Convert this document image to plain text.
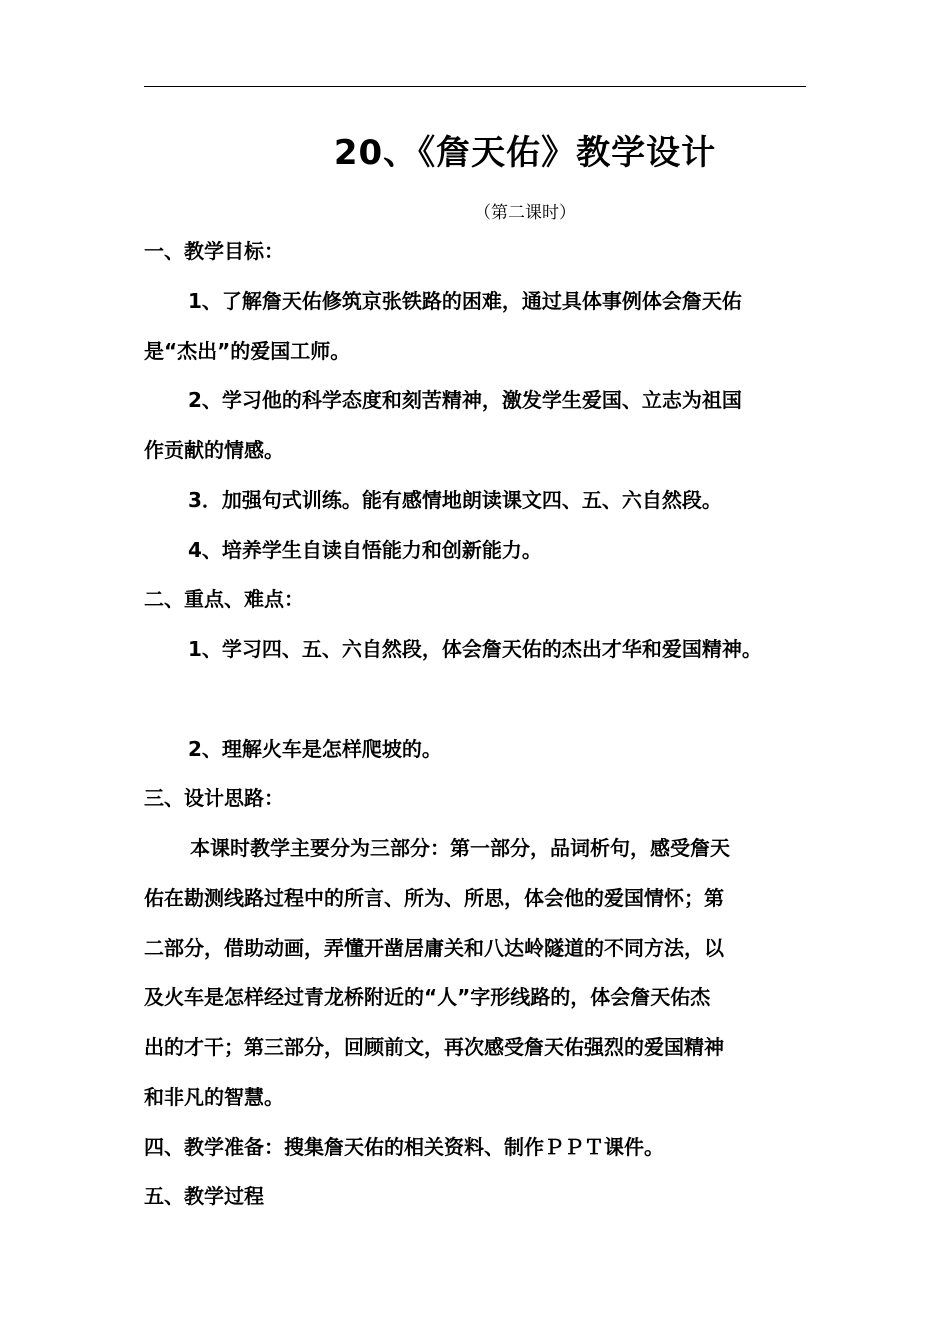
20、《詹天佑》教学设计
（第二课时）
一、教学目标：
1、了解詹天佑修筑京张铁路的困难，通过具体事例体会詹天佑
是“杰出”的爱国工师。
2、学习他的科学态度和刻苦精神，激发学生爱国、立志为祖国
作贡献的情感。
3．加强句式训练。能有感情地朗读课文四、五、六自然段。
4、培养学生自读自悟能力和创新能力。
二、重点、难点：
1、学习四、五、六自然段，体会詹天佑的杰出才华和爱国精神。
2、理解火车是怎样爬坡的。
三、设计思路：
本课时教学主要分为三部分：第一部分，品词析句，感受詹天
佑在勘测线路过程中的所言、所为、所思，体会他的爱国情怀；第
二部分，借助动画，弄懂开凿居庸关和八达岭隧道的不同方法，以
及火车是怎样经过青龙桥附近的“人”字形线路的，体会詹天佑杰
出的才干；第三部分，回顾前文，再次感受詹天佑强烈的爱国精神
和非凡的智慧。
四、教学准备：搜集詹天佑的相关资料、制作ＰＰＴ课件。
五、教学过程
